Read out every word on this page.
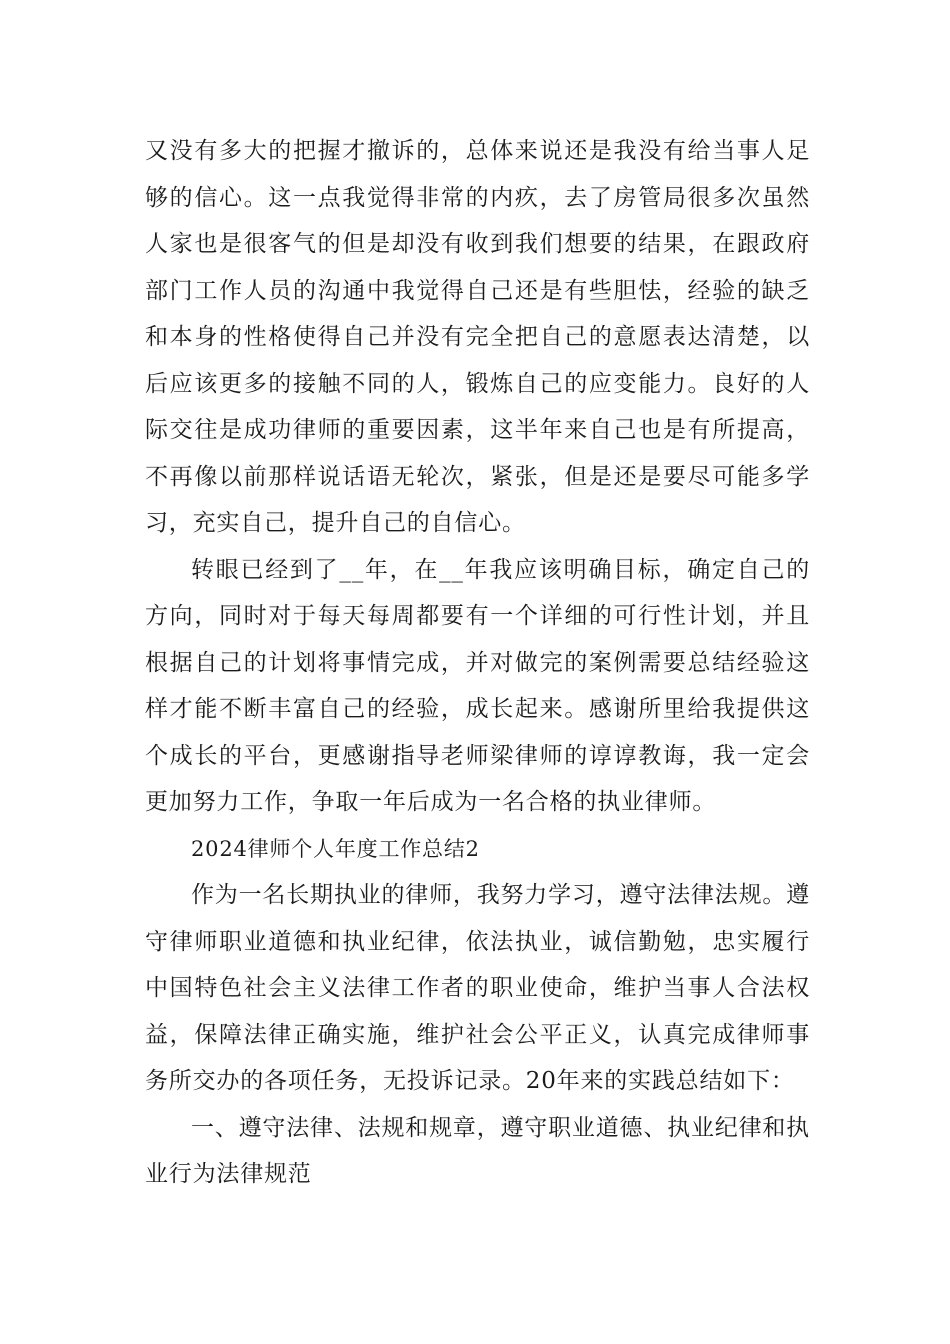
又没有多大的把握才撤诉的，总体来说还是我没有给当事人足够的信心。这一点我觉得非常的内疚，去了房管局很多次虽然人家也是很客气的但是却没有收到我们想要的结果，在跟政府部门工作人员的沟通中我觉得自己还是有些胆怯，经验的缺乏和本身的性格使得自己并没有完全把自己的意愿表达清楚，以后应该更多的接触不同的人，锻炼自己的应变能力。良好的人际交往是成功律师的重要因素，这半年来自己也是有所提高，不再像以前那样说话语无轮次，紧张，但是还是要尽可能多学习，充实自己，提升自己的自信心。

转眼已经到了__年，在__年我应该明确目标，确定自己的方向，同时对于每天每周都要有一个详细的可行性计划，并且根据自己的计划将事情完成，并对做完的案例需要总结经验这样才能不断丰富自己的经验，成长起来。感谢所里给我提供这个成长的平台，更感谢指导老师梁律师的谆谆教诲，我一定会更加努力工作，争取一年后成为一名合格的执业律师。

2024律师个人年度工作总结2

作为一名长期执业的律师，我努力学习，遵守法律法规。遵守律师职业道德和执业纪律，依法执业，诚信勤勉，忠实履行中国特色社会主义法律工作者的职业使命，维护当事人合法权益，保障法律正确实施，维护社会公平正义，认真完成律师事务所交办的各项任务，无投诉记录。20年来的实践总结如下：

一、遵守法律、法规和规章，遵守职业道德、执业纪律和执业行为法律规范
